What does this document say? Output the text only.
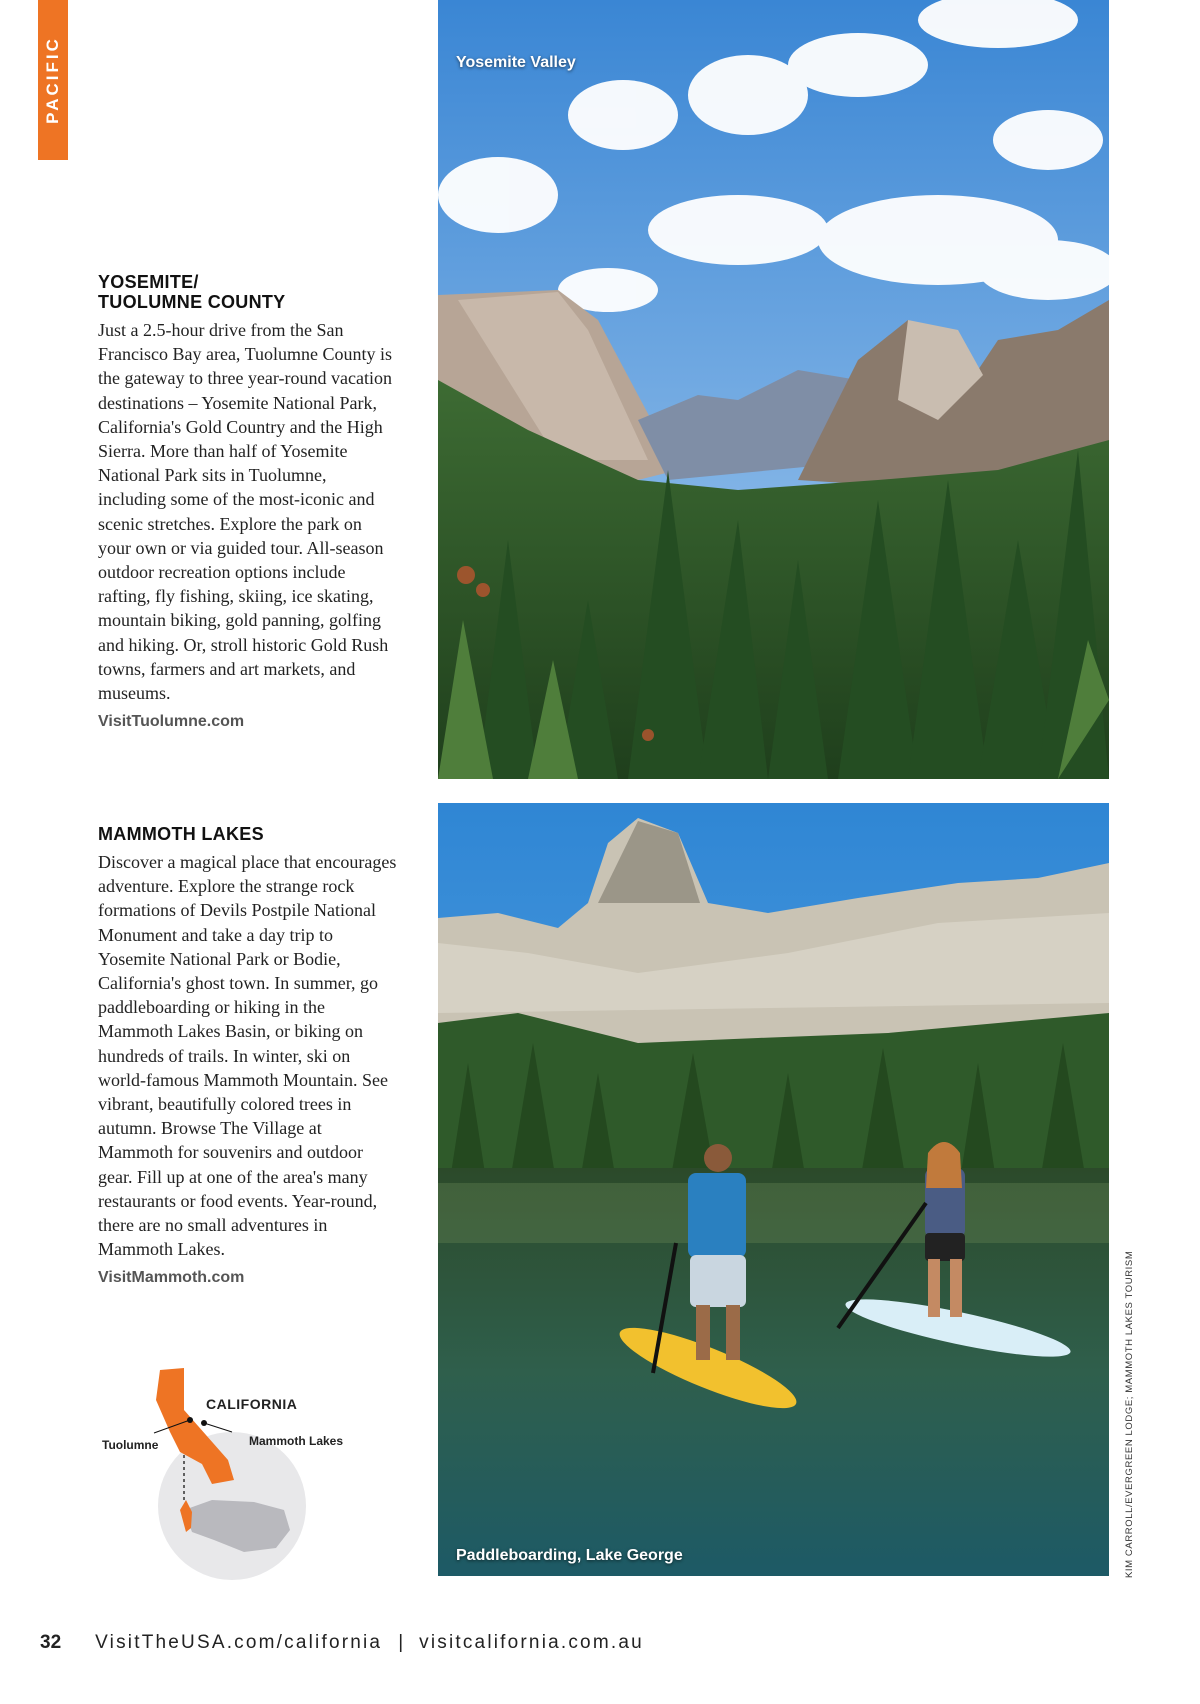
PACIFIC
YOSEMITE/
TUOLUMNE COUNTY

Just a 2.5-hour drive from the San Francisco Bay area, Tuolumne County is the gateway to three year-round vacation destinations – Yosemite National Park, California's Gold Country and the High Sierra. More than half of Yosemite National Park sits in Tuolumne, including some of the most-iconic and scenic stretches. Explore the park on your own or via guided tour. All-season outdoor recreation options include rafting, fly fishing, skiing, ice skating, mountain biking, gold panning, golfing and hiking. Or, stroll historic Gold Rush towns, farmers and art markets, and museums.

VisitTuolumne.com
MAMMOTH LAKES

Discover a magical place that encourages adventure. Explore the strange rock formations of Devils Postpile National Monument and take a day trip to Yosemite National Park or Bodie, California's ghost town. In summer, go paddleboarding or hiking in the Mammoth Lakes Basin, or biking on hundreds of trails. In winter, ski on world-famous Mammoth Mountain. See vibrant, beautifully colored trees in autumn. Browse The Village at Mammoth for souvenirs and outdoor gear. Fill up at one of the area's many restaurants or food events. Year-round, there are no small adventures in Mammoth Lakes.

VisitMammoth.com
Yosemite Valley
Paddleboarding, Lake George	KIM CARROLL/EVERGREEN LODGE; MAMMOTH LAKES TOURISM
CALIFORNIA
Tuolumne	Mammoth Lakes
32 VisitTheUSA.com/california | visitcalifornia.com.au
